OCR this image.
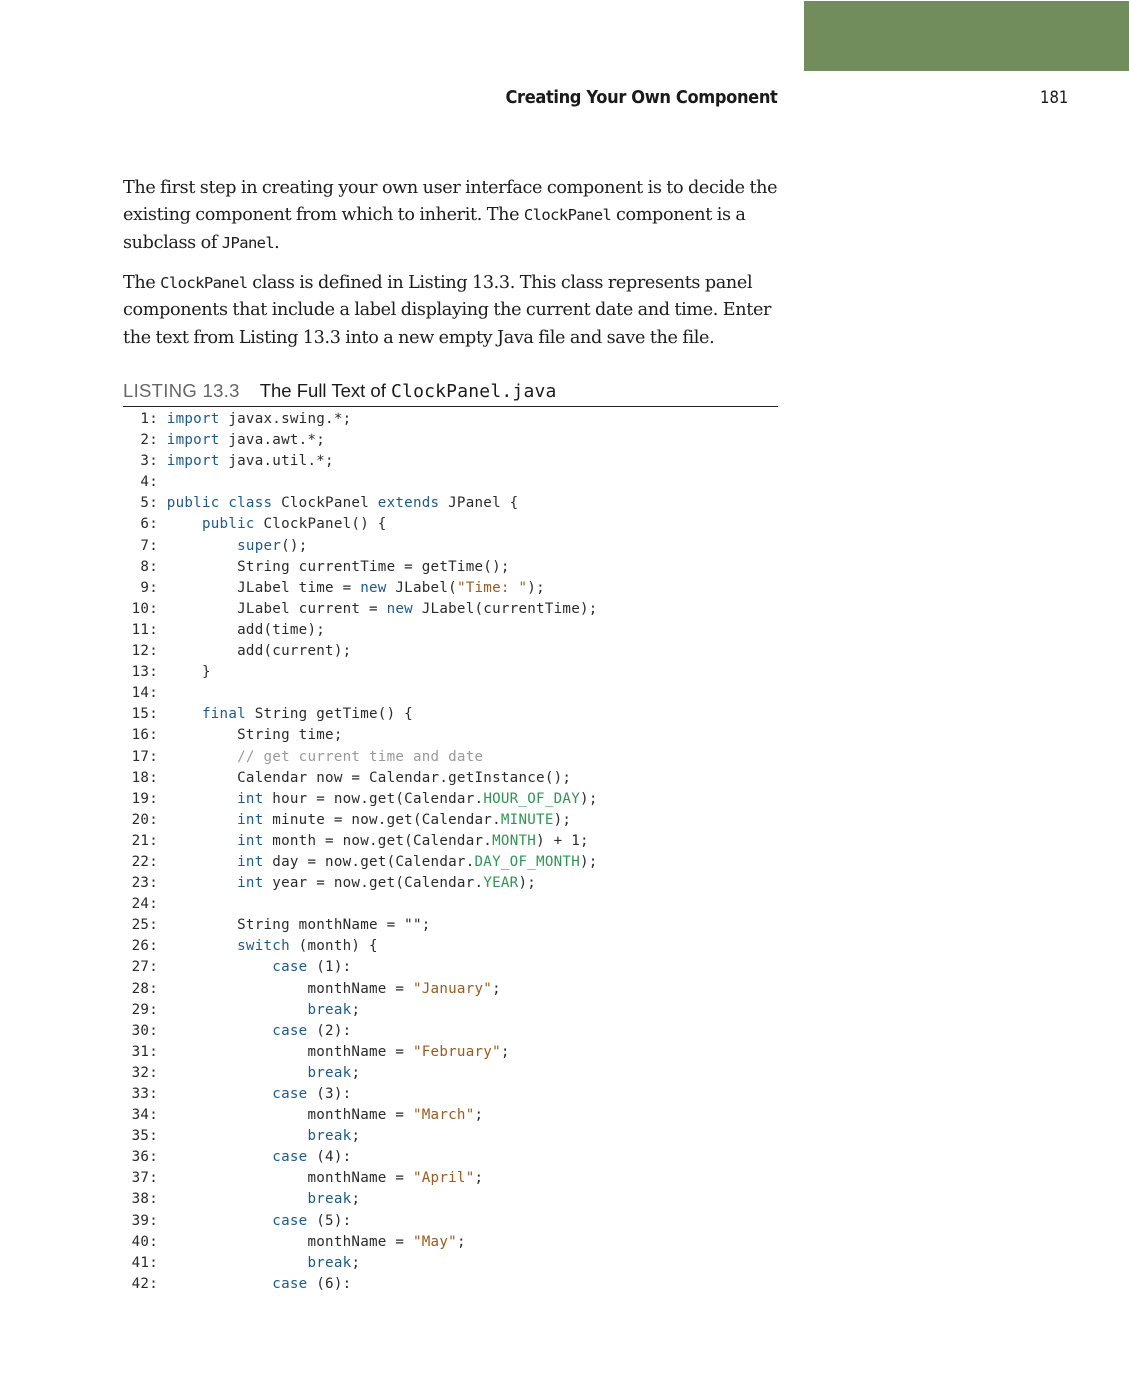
Creating Your Own Component	181
The first step in creating your own user interface component is to decide the existing component from which to inherit. The ClockPanel component is a subclass of JPanel.
The ClockPanel class is defined in Listing 13.3. This class represents panel components that include a label displaying the current date and time. Enter the text from Listing 13.3 into a new empty Java file and save the file.
LISTING 13.3 The Full Text of ClockPanel.java
1: import javax.swing.*;
2: import java.awt.*;
3: import java.util.*;
4:
5: public class ClockPanel extends JPanel {
6:	public ClockPanel() {
7:	super();
8:         String currentTime = getTime();
9:         JLabel time = new JLabel("Time: ");
10:         JLabel current = new JLabel(currentTime);
11:         add(time);
12:         add(current);
13:     }
14:
15:	final String getTime() {
16:         String time;
17:	// get current time and date
18:         Calendar now = Calendar.getInstance();
19:	int hour = now.get(Calendar.HOUR_OF_DAY);
20:	int minute = now.get(Calendar.MINUTE);
21:	int month = now.get(Calendar.MONTH) + 1;
22:	int day = now.get(Calendar.DAY_OF_MONTH);
23:	int year = now.get(Calendar.YEAR);
24:
25:         String monthName = "";
26:	switch (month) {
27:	case (1):
28:                 monthName = "January";
29:	break;
30:	case (2):
31:                 monthName = "February";
32:	break;
33:	case (3):
34:                 monthName = "March";
35:	break;
36:	case (4):
37:                 monthName = "April";
38:	break;
39:	case (5):
40:                 monthName = "May";
41:	break;
42:	case (6):
